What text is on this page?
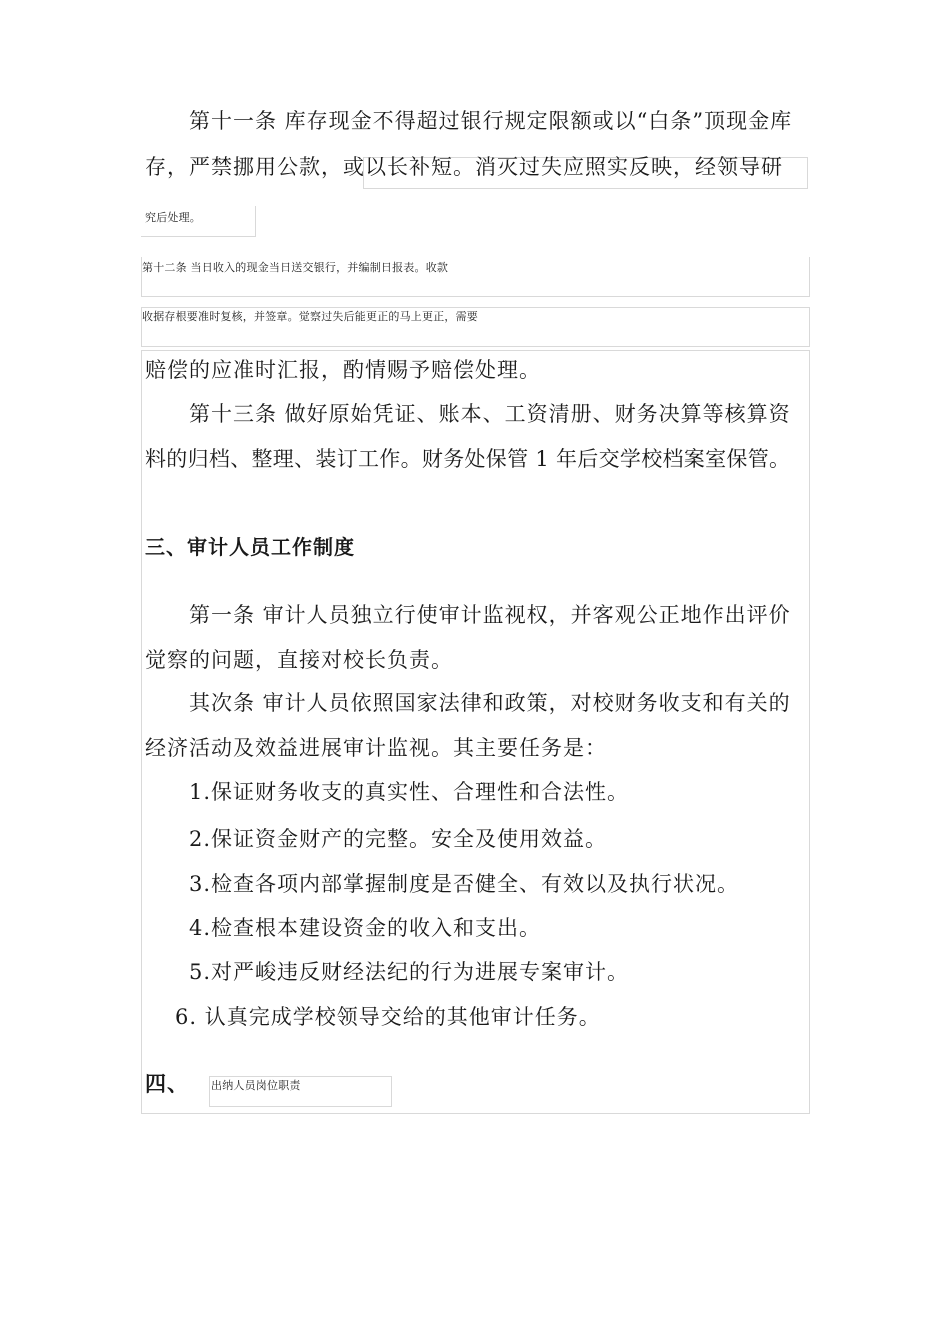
第十一条 库存现金不得超过银行规定限额或以“白条”顶现金库
存，严禁挪用公款，或以长补短。消灭过失应照实反映，经领导研
究后处理。
第十二条 当日收入的现金当日送交银行，并编制日报表。收款
收据存根要准时复核，并签章。觉察过失后能更正的马上更正，需要
赔偿的应准时汇报，酌情赐予赔偿处理。
第十三条 做好原始凭证、账本、工资清册、财务决算等核算资
料的归档、整理、装订工作。财务处保管 1 年后交学校档案室保管。
三、审计人员工作制度
第一条 审计人员独立行使审计监视权，并客观公正地作出评价
觉察的问题，直接对校长负责。
其次条 审计人员依照国家法律和政策，对校财务收支和有关的
经济活动及效益进展审计监视。其主要任务是：
1.保证财务收支的真实性、合理性和合法性。
2.保证资金财产的完整。安全及使用效益。
3.检查各项内部掌握制度是否健全、有效以及执行状况。
4.检查根本建设资金的收入和支出。
5.对严峻违反财经法纪的行为进展专案审计。
6. 认真完成学校领导交给的其他审计任务。
四、 出纳人员岗位职责
